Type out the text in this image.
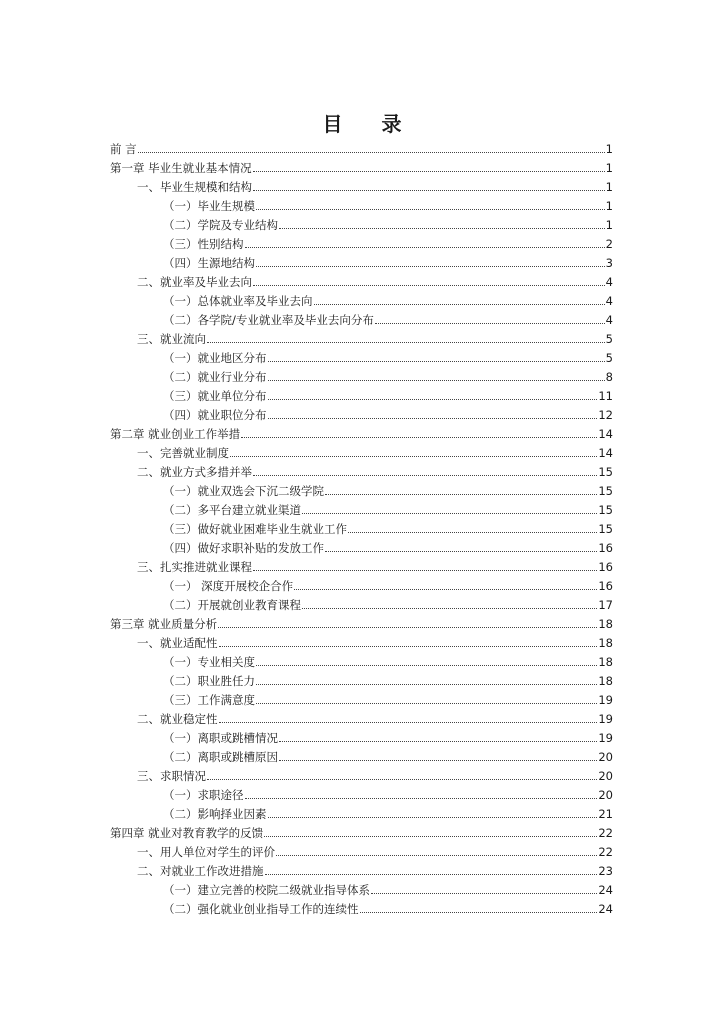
目 录
前 言	1
第一章 毕业生就业基本情况	1
一、毕业生规模和结构	1
（一）毕业生规模	1
（二）学院及专业结构	1
（三）性别结构	2
（四）生源地结构	3
二、就业率及毕业去向	4
（一）总体就业率及毕业去向	4
（二）各学院/专业就业率及毕业去向分布	4
三、就业流向	5
（一）就业地区分布	5
（二）就业行业分布	8
（三）就业单位分布	11
（四）就业职位分布	12
第二章 就业创业工作举措	14
一、完善就业制度	14
二、就业方式多措并举	15
（一）就业双选会下沉二级学院	15
（二）多平台建立就业渠道	15
（三）做好就业困难毕业生就业工作	15
（四）做好求职补贴的发放工作	16
三、扎实推进就业课程	16
（一） 深度开展校企合作	16
（二）开展就创业教育课程	17
第三章 就业质量分析	18
一、就业适配性	18
（一）专业相关度	18
（二）职业胜任力	18
（三）工作满意度	19
二、就业稳定性	19
（一）离职或跳槽情况	19
（二）离职或跳槽原因	20
三、求职情况	20
（一）求职途径	20
（二）影响择业因素	21
第四章 就业对教育教学的反馈	22
一、用人单位对学生的评价	22
二、对就业工作改进措施	23
（一）建立完善的校院二级就业指导体系	24
（二）强化就业创业指导工作的连续性	24
